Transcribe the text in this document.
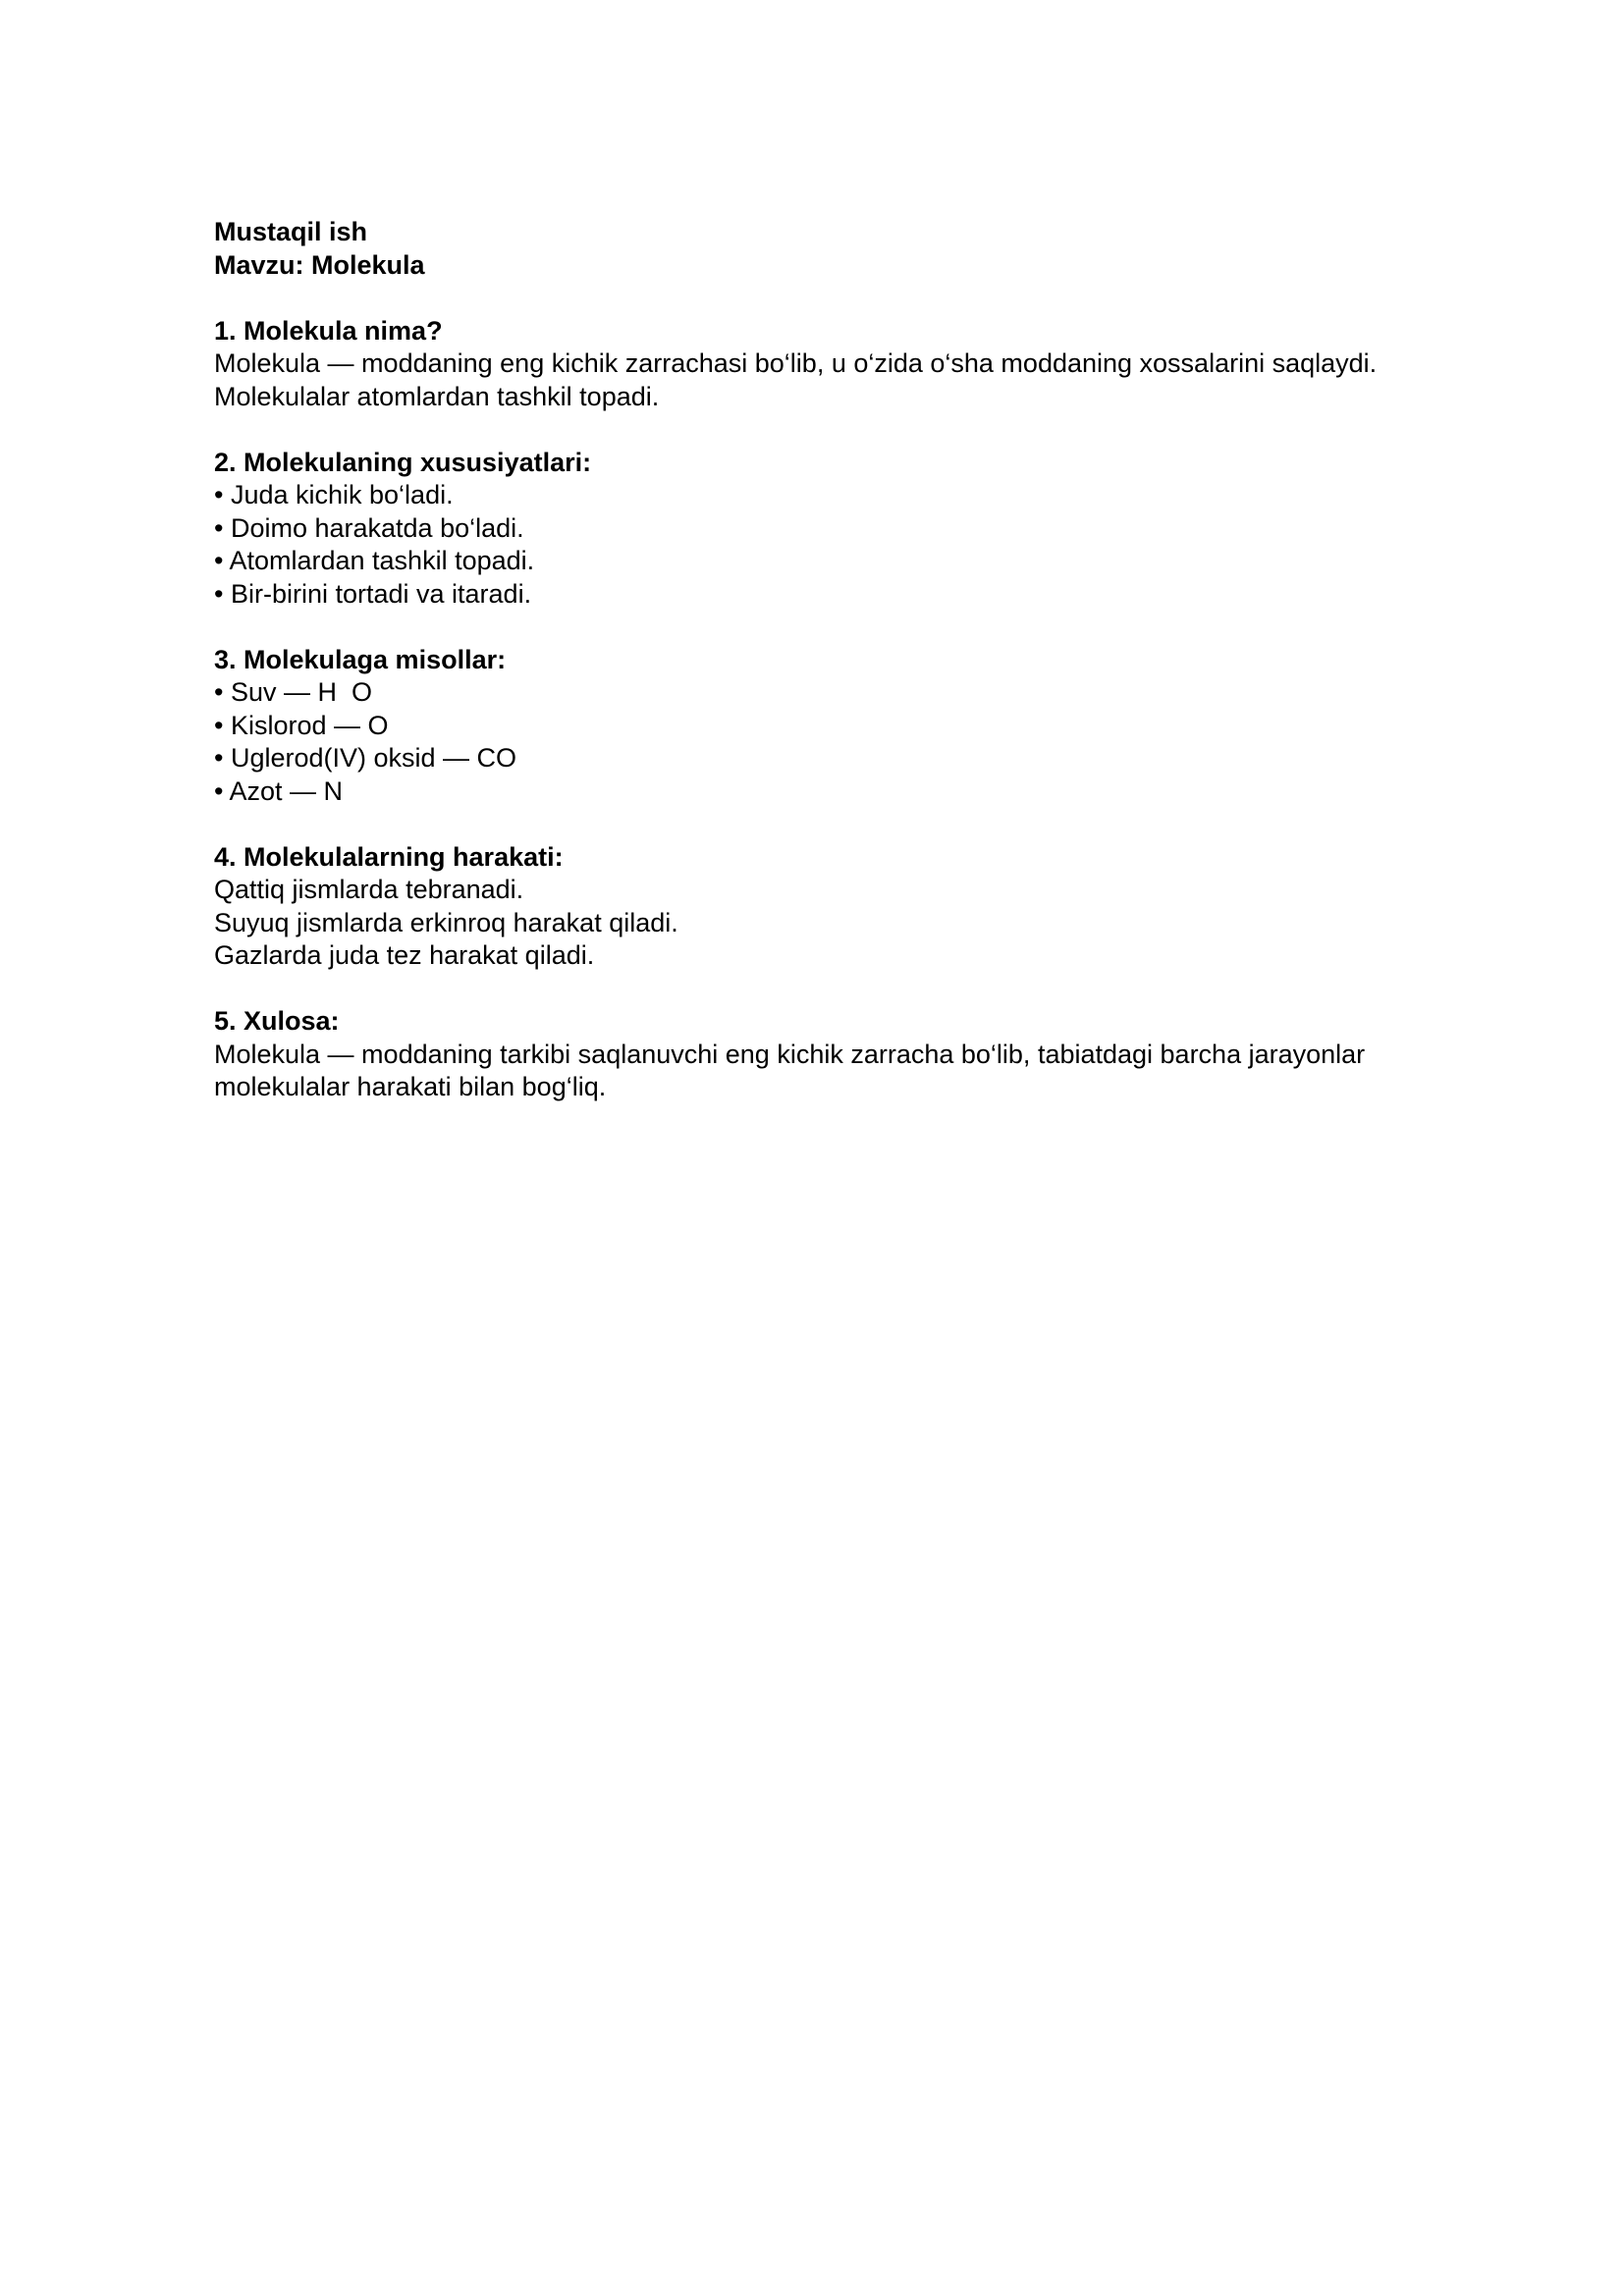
Mustaqil ish
Mavzu: Molekula
1. Molekula nima?
Molekula — moddaning eng kichik zarrachasi bo‘lib, u o‘zida o‘sha moddaning xossalarini saqlaydi.
Molekulalar atomlardan tashkil topadi.
2. Molekulaning xususiyatlari:
• Juda kichik bo‘ladi.
• Doimo harakatda bo‘ladi.
• Atomlardan tashkil topadi.
• Bir-birini tortadi va itaradi.
3. Molekulaga misollar:
• Suv — H  O
• Kislorod — O
• Uglerod(IV) oksid — CO
• Azot — N
4. Molekulalarning harakati:
Qattiq jismlarda tebranadi.
Suyuq jismlarda erkinroq harakat qiladi.
Gazlarda juda tez harakat qiladi.
5. Xulosa:
Molekula — moddaning tarkibi saqlanuvchi eng kichik zarracha bo‘lib, tabiatdagi barcha jarayonlar
molekulalar harakati bilan bog‘liq.
